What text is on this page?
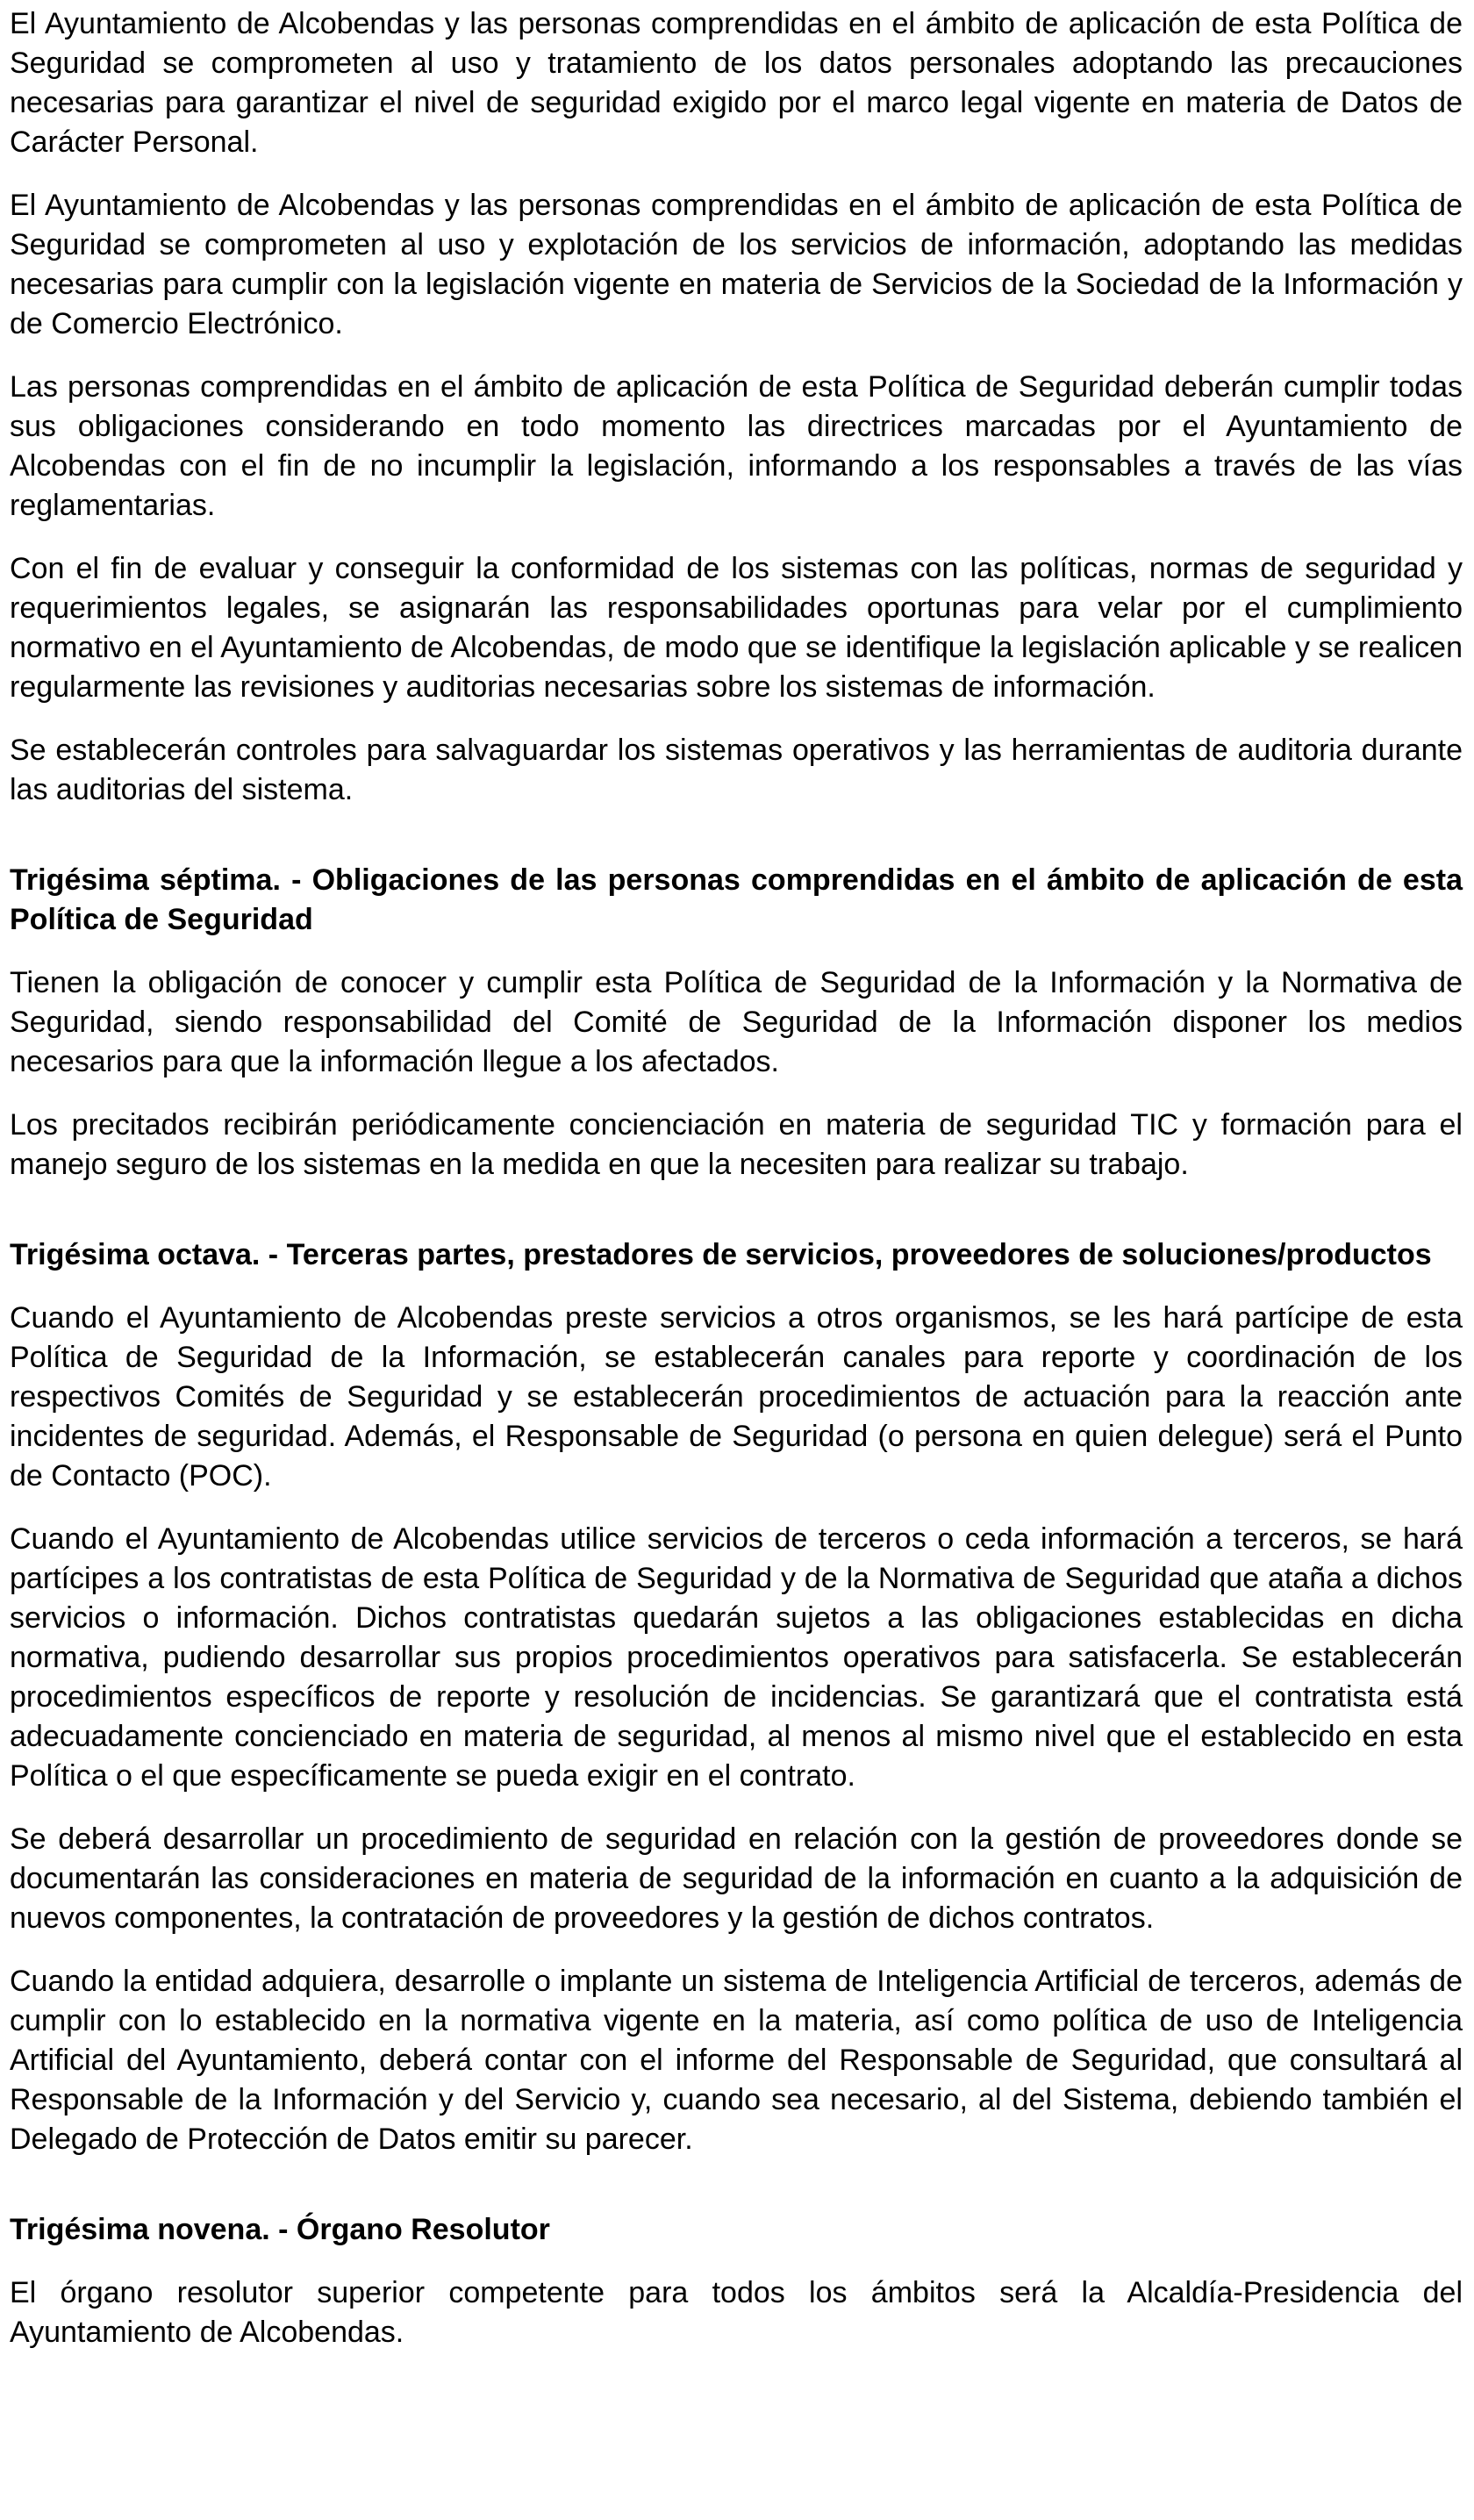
El Ayuntamiento de Alcobendas y las personas comprendidas en el ámbito de aplicación de esta Política de Seguridad se comprometen al uso y tratamiento de los datos personales adoptando las precauciones necesarias para garantizar el nivel de seguridad exigido por el marco legal vigente en materia de Datos de Carácter Personal.

El Ayuntamiento de Alcobendas y las personas comprendidas en el ámbito de aplicación de esta Política de Seguridad se comprometen al uso y explotación de los servicios de información, adoptando las medidas necesarias para cumplir con la legislación vigente en materia de Servicios de la Sociedad de la Información y de Comercio Electrónico.

Las personas comprendidas en el ámbito de aplicación de esta Política de Seguridad deberán cumplir todas sus obligaciones considerando en todo momento las directrices marcadas por el Ayuntamiento de Alcobendas con el fin de no incumplir la legislación, informando a los responsables a través de las vías reglamentarias.

Con el fin de evaluar y conseguir la conformidad de los sistemas con las políticas, normas de seguridad y requerimientos legales, se asignarán las responsabilidades oportunas para velar por el cumplimiento normativo en el Ayuntamiento de Alcobendas, de modo que se identifique la legislación aplicable y se realicen regularmente las revisiones y auditorias necesarias sobre los sistemas de información.

Se establecerán controles para salvaguardar los sistemas operativos y las herramientas de auditoria durante las auditorias del sistema.

Trigésima séptima. - Obligaciones de las personas comprendidas en el ámbito de aplicación de esta Política de Seguridad

Tienen la obligación de conocer y cumplir esta Política de Seguridad de la Información y la Normativa de Seguridad, siendo responsabilidad del Comité de Seguridad de la Información disponer los medios necesarios para que la información llegue a los afectados.

Los precitados recibirán periódicamente concienciación en materia de seguridad TIC y formación para el manejo seguro de los sistemas en la medida en que la necesiten para realizar su trabajo.

Trigésima octava. - Terceras partes, prestadores de servicios, proveedores de soluciones/productos

Cuando el Ayuntamiento de Alcobendas preste servicios a otros organismos, se les hará partícipe de esta Política de Seguridad de la Información, se establecerán canales para reporte y coordinación de los respectivos Comités de Seguridad y se establecerán procedimientos de actuación para la reacción ante incidentes de seguridad. Además, el Responsable de Seguridad (o persona en quien delegue) será el Punto de Contacto (POC).

Cuando el Ayuntamiento de Alcobendas utilice servicios de terceros o ceda información a terceros, se hará partícipes a los contratistas de esta Política de Seguridad y de la Normativa de Seguridad que ataña a dichos servicios o información. Dichos contratistas quedarán sujetos a las obligaciones establecidas en dicha normativa, pudiendo desarrollar sus propios procedimientos operativos para satisfacerla. Se establecerán procedimientos específicos de reporte y resolución de incidencias. Se garantizará que el contratista está adecuadamente concienciado en materia de seguridad, al menos al mismo nivel que el establecido en esta Política o el que específicamente se pueda exigir en el contrato.

Se deberá desarrollar un procedimiento de seguridad en relación con la gestión de proveedores donde se documentarán las consideraciones en materia de seguridad de la información en cuanto a la adquisición de nuevos componentes, la contratación de proveedores y la gestión de dichos contratos.

Cuando la entidad adquiera, desarrolle o implante un sistema de Inteligencia Artificial de terceros, además de cumplir con lo establecido en la normativa vigente en la materia, así como política de uso de Inteligencia Artificial del Ayuntamiento, deberá contar con el informe del Responsable de Seguridad, que consultará al Responsable de la Información y del Servicio y, cuando sea necesario, al del Sistema, debiendo también el Delegado de Protección de Datos emitir su parecer.

Trigésima novena. - Órgano Resolutor

El órgano resolutor superior competente para todos los ámbitos será la Alcaldía-Presidencia del Ayuntamiento de Alcobendas.
